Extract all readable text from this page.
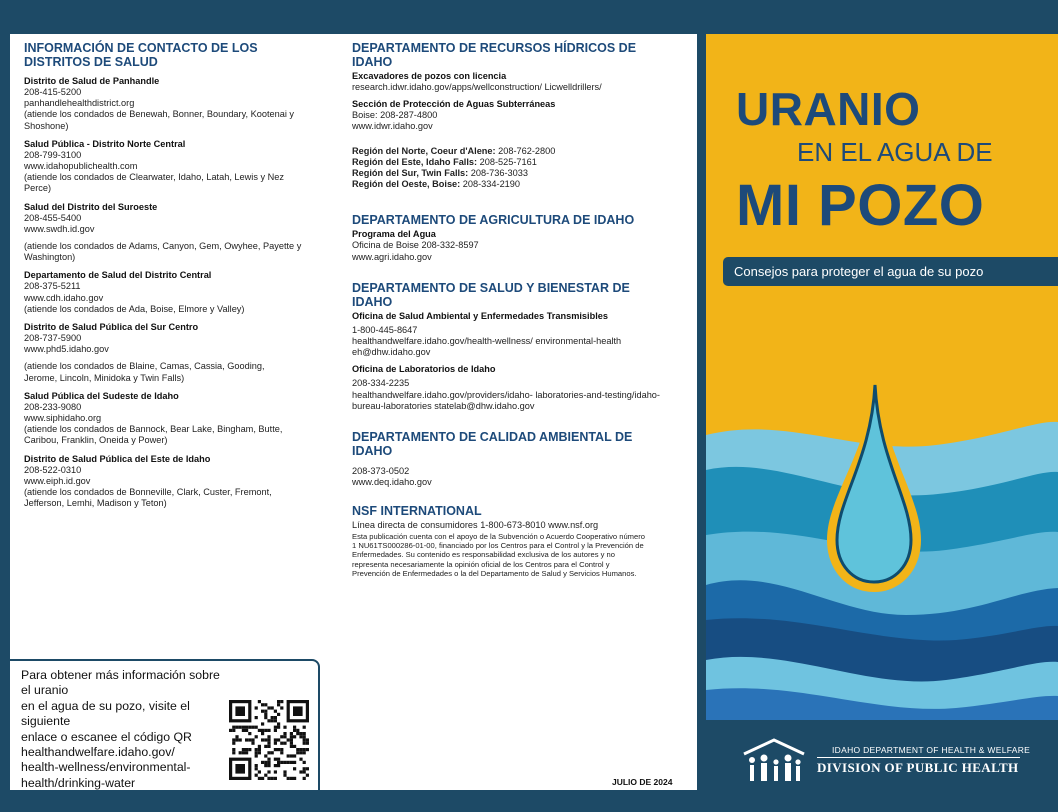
INFORMACIÓN DE CONTACTO DE LOS
DISTRITOS DE SALUD
Distrito de Salud de Panhandle
208-415-5200
panhandlehealthdistrict.org
(atiende los condados de Benewah, Bonner, Boundary, Kootenai y
Shoshone)
Salud Pública - Distrito Norte Central
208-799-3100
www.idahopublichealth.com
(atiende los condados de Clearwater, Idaho, Latah, Lewis y Nez
Perce)
Salud del Distrito del Suroeste
208-455-5400
www.swdh.id.gov
(atiende los condados de Adams, Canyon, Gem, Owyhee, Payette y
Washington)
Departamento de Salud del Distrito Central
208-375-5211
www.cdh.idaho.gov
(atiende los condados de Ada, Boise, Elmore y Valley)
Distrito de Salud Pública del Sur Centro
208-737-5900
www.phd5.idaho.gov
(atiende los condados de Blaine, Camas, Cassia, Gooding,
Jerome, Lincoln, Minidoka y Twin Falls)
Salud Pública del Sudeste de Idaho
208-233-9080
www.siphidaho.org
(atiende los condados de Bannock, Bear Lake, Bingham, Butte,
Caribou, Franklin, Oneida y Power)
Distrito de Salud Pública del Este de Idaho
208-522-0310
www.eiph.id.gov
(atiende los condados de Bonneville, Clark, Custer, Fremont,
Jefferson, Lemhi, Madison y Teton)
DEPARTAMENTO DE RECURSOS HÍDRICOS DE
IDAHO
Excavadores de pozos con licencia
research.idwr.idaho.gov/apps/wellconstruction/ Licwelldrillers/
Sección de Protección de Aguas Subterráneas
Boise: 208-287-4800
www.idwr.idaho.gov
Región del Norte, Coeur d'Alene: 208-762-2800
Región del Este, Idaho Falls: 208-525-7161
Región del Sur, Twin Falls: 208-736-3033
Región del Oeste, Boise: 208-334-2190
DEPARTAMENTO DE AGRICULTURA DE IDAHO
Programa del Agua
Oficina de Boise 208-332-8597
www.agri.idaho.gov
DEPARTAMENTO DE SALUD Y BIENESTAR DE
IDAHO
Oficina de Salud Ambiental y Enfermedades Transmisibles
1-800-445-8647
healthandwelfare.idaho.gov/health-wellness/ environmental-health
eh@dhw.idaho.gov
Oficina de Laboratorios de Idaho
208-334-2235
healthandwelfare.idaho.gov/providers/idaho- laboratories-and-testing/idaho-
bureau-laboratories statelab@dhw.idaho.gov
DEPARTAMENTO DE CALIDAD AMBIENTAL DE
IDAHO
208-373-0502
www.deq.idaho.gov
NSF INTERNATIONAL
Línea directa de consumidores 1-800-673-8010 www.nsf.org
Esta publicación cuenta con el apoyo de la Subvención o Acuerdo Cooperativo número
1 NU61TS000286-01-00, financiado por los Centros para el Control y la Prevención de
Enfermedades. Su contenido es responsabilidad exclusiva de los autores y no
representa necesariamente la opinión oficial de los Centros para el Control y
Prevención de Enfermedades o la del Departamento de Salud y Servicios Humanos.
Para obtener más información sobre el uranio
en el agua de su pozo, visite el siguiente
enlace o escanee el código QR
healthandwelfare.idaho.gov/
health-wellness/environmental-
health/drinking-water	JULIO DE 2024
URANIO
EN EL AGUA DE
MI POZO
Consejos para proteger el agua de su pozo
IDAHO DEPARTMENT OF HEALTH & WELFARE
DIVISION OF PUBLIC HEALTH
